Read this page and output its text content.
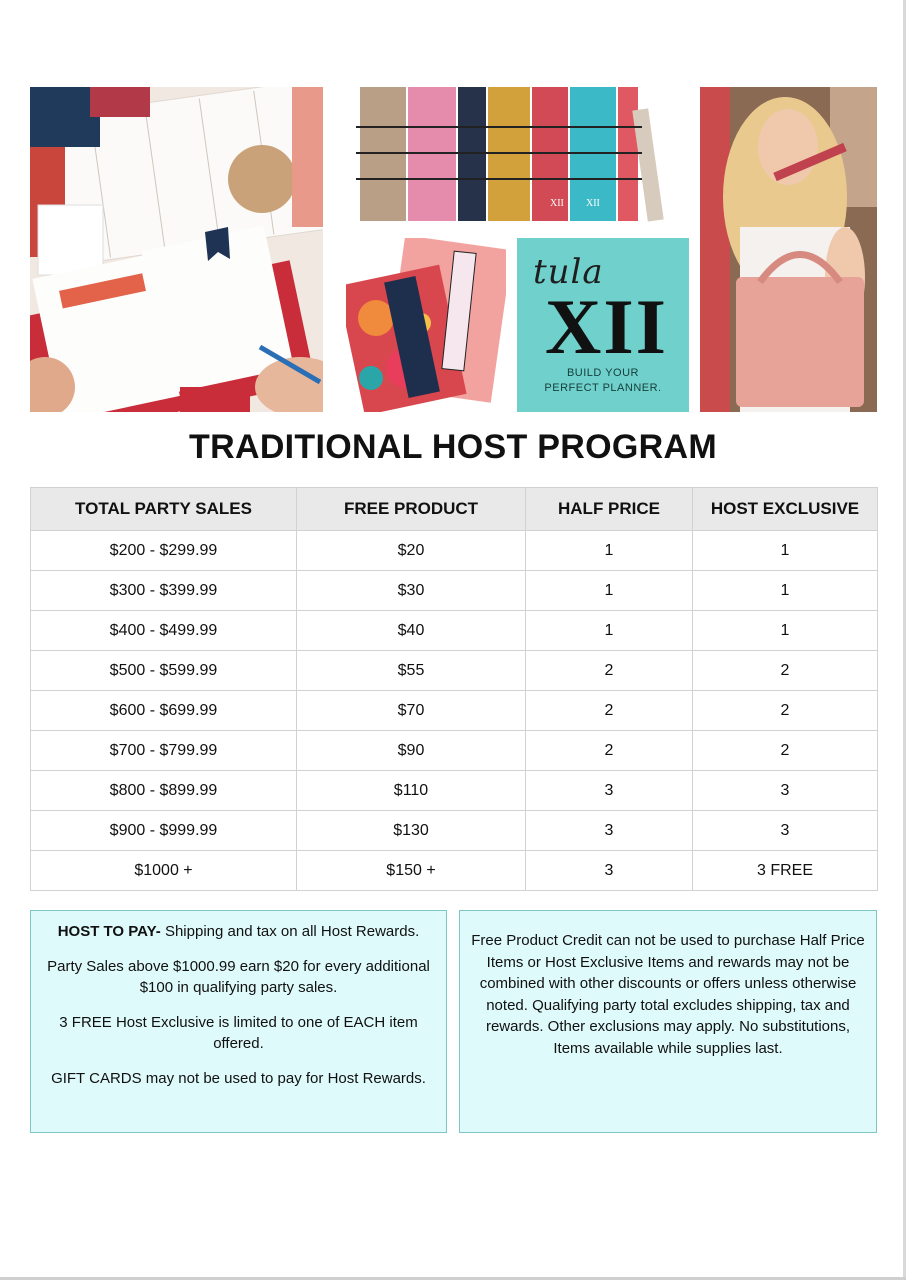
XII XII
tula
XII
BUILD YOUR
PERFECT PLANNER.
TRADITIONAL HOST PROGRAM
TOTAL PARTY SALES	FREE PRODUCT	HALF PRICE	HOST EXCLUSIVE
$200 - $299.99	$20	1	1
$300 - $399.99	$30	1	1
$400 - $499.99	$40	1	1
$500 - $599.99	$55	2	2
$600 - $699.99	$70	2	2
$700 - $799.99	$90	2	2
$800 - $899.99	$110	3	3
$900 - $999.99	$130	3	3
$1000 +	$150 +	3	3 FREE

HOST TO PAY- Shipping and tax on all Host Rewards.

Party Sales above $1000.99 earn $20 for every additional $100 in qualifying party sales.

3 FREE Host Exclusive is limited to one of EACH item offered.

GIFT CARDS may not be used to pay for Host Rewards.

Free Product Credit can not be used to purchase Half Price Items or Host Exclusive Items and rewards may not be combined with other discounts or offers unless otherwise noted. Qualifying party total excludes shipping, tax and rewards. Other exclusions may apply. No substitutions, Items available while supplies last.
